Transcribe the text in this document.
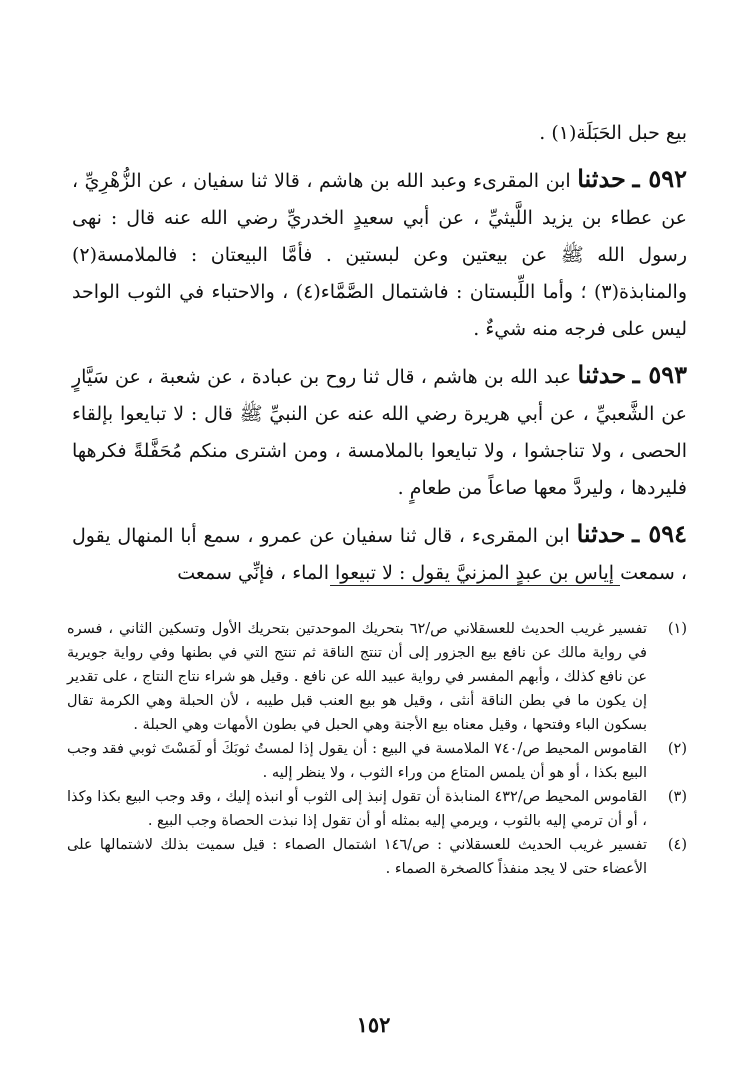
بيع حبل الحَبَلَة(١) .

٥٩٢ ـ حدثنا ابن المقرىء وعبد الله بن هاشم ، قالا ثنا سفيان ، عن الزُّهْرِيِّ ، عن عطاء بن يزيد اللَّيثيِّ ، عن أبي سعيدٍ الخدريِّ رضي الله عنه قال : نهى رسول الله ﷺ عن بيعتين وعن لبستين . فأمَّا البيعتان : فالملامسة(٢) والمنابذة(٣) ؛ وأما اللِّبستان : فاشتمال الصَّمَّاء(٤) ، والاحتباء في الثوب الواحد ليس على فرجه منه شيءٌ .

٥٩٣ ـ حدثنا عبد الله بن هاشم ، قال ثنا روح بن عبادة ، عن شعبة ، عن سَيَّارٍ عن الشَّعبيِّ ، عن أبي هريرة رضي الله عنه عن النبيِّ ﷺ قال : لا تبايعوا بإلقاء الحصى ، ولا تناجشوا ، ولا تبايعوا بالملامسة ، ومن اشترى منكم مُحَفَّلةً فكرهها فليردها ، وليردَّ معها صاعاً من طعامٍ .

٥٩٤ ـ حدثنا ابن المقرىء ، قال ثنا سفيان عن عمرو ، سمع أبا المنهال يقول ، سمعت إياس بن عبدٍ المزنيَّ يقول : لا تبيعوا الماء ، فإنِّي سمعت

(١)
تفسير غريب الحديث للعسقلاني ص/٦٢ بتحريك الموحدتين بتحريك الأول وتسكين الثاني ، فسره في رواية مالك عن نافع بيع الجزور إلى أن تنتج الناقة ثم تنتج التي في بطنها وفي رواية جويرية عن نافع كذلك ، وأبهم المفسر في رواية عبيد الله عن نافع . وقيل هو شراء نتاج النتاج ، على تقدير إن يكون ما في بطن الناقة أنثى ، وقيل هو بيع العنب قبل طيبه ، لأن الحبلة وهي الكرمة تقال بسكون الباء وفتحها ، وقيل معناه بيع الأجنة وهي الحبل في بطون الأمهات وهي الحبلة .
(٢)
القاموس المحيط ص/٧٤٠ الملامسة في البيع : أن يقول إذا لمستُ ثوبَكَ أو لَمَسْتَ ثوبي فقد وجب البيع بكذا ، أو هو أن يلمس المتاع من وراء الثوب ، ولا ينظر إليه .
(٣)
القاموس المحيط ص/٤٣٢ المنابذة أن تقول إنبذ إلى الثوب أو انبذه إليك ، وقد وجب البيع بكذا وكذا ، أو أن ترمي إليه بالثوب ، ويرمي إليه بمثله أو أن تقول إذا نبذت الحصاة وجب البيع .
(٤)
تفسير غريب الحديث للعسقلاني : ص/١٤٦ اشتمال الصماء : قيل سميت بذلك لاشتمالها على الأعضاء حتى لا يجد منفذاً كالصخرة الصماء .
١٥٢
